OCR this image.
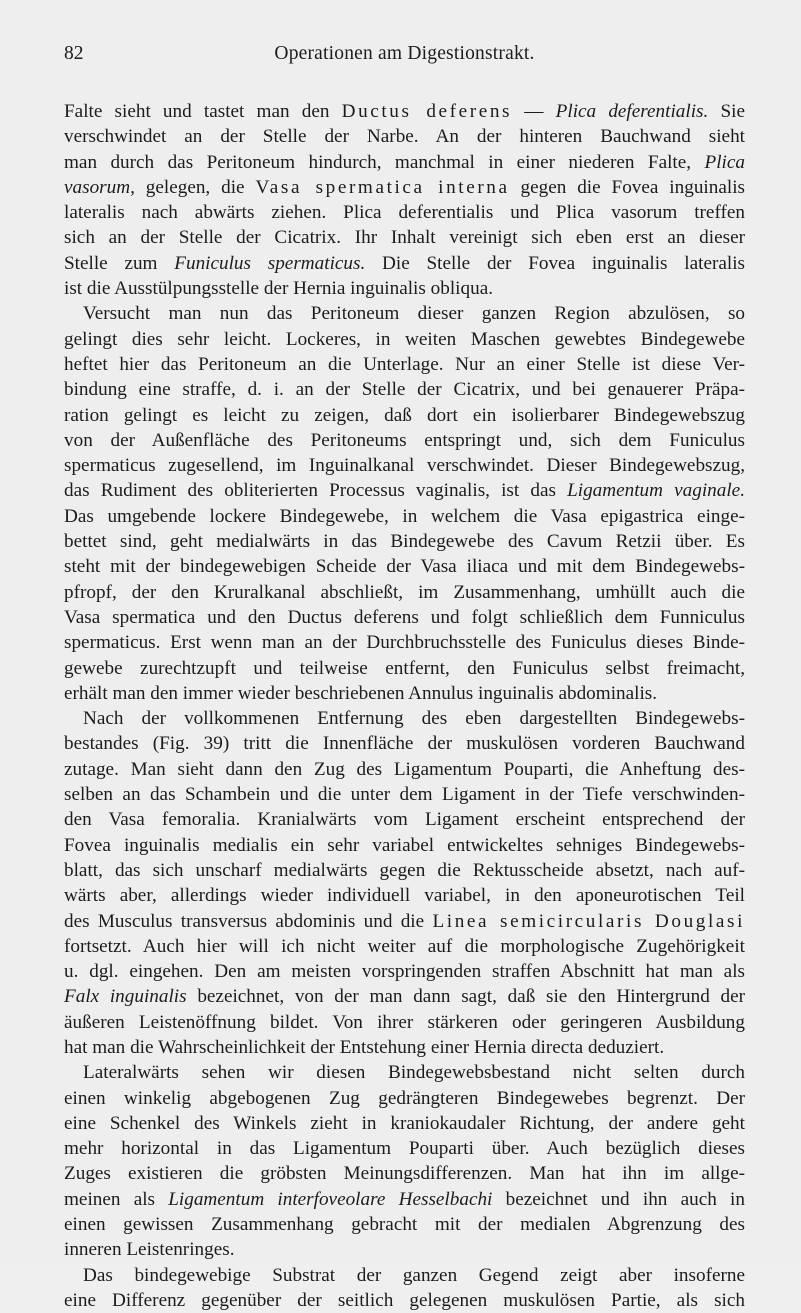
82	Operationen am Digestionstrakt.
Falte sieht und tastet man den Ductus deferens — Plica deferentialis. Sie
verschwindet an der Stelle der Narbe. An der hinteren Bauchwand sieht
man durch das Peritoneum hindurch, manchmal in einer niederen Falte, Plica
vasorum, gelegen, die Vasa spermatica interna gegen die Fovea inguinalis
lateralis nach abwärts ziehen. Plica deferentialis und Plica vasorum treffen
sich an der Stelle der Cicatrix. Ihr Inhalt vereinigt sich eben erst an dieser
Stelle zum Funiculus spermaticus. Die Stelle der Fovea inguinalis lateralis
ist die Ausstülpungsstelle der Hernia inguinalis obliqua.
Versucht man nun das Peritoneum dieser ganzen Region abzulösen, so
gelingt dies sehr leicht. Lockeres, in weiten Maschen gewebtes Bindegewebe
heftet hier das Peritoneum an die Unterlage. Nur an einer Stelle ist diese Ver-
bindung eine straffe, d. i. an der Stelle der Cicatrix, und bei genauerer Präpa-
ration gelingt es leicht zu zeigen, daß dort ein isolierbarer Bindegewebszug
von der Außenfläche des Peritoneums entspringt und, sich dem Funiculus
spermaticus zugesellend, im Inguinalkanal verschwindet. Dieser Bindegewebszug,
das Rudiment des obliterierten Processus vaginalis, ist das Ligamentum vaginale.
Das umgebende lockere Bindegewebe, in welchem die Vasa epigastrica einge-
bettet sind, geht medialwärts in das Bindegewebe des Cavum Retzii über. Es
steht mit der bindegewebigen Scheide der Vasa iliaca und mit dem Bindegewebs-
pfropf, der den Kruralkanal abschließt, im Zusammenhang, umhüllt auch die
Vasa spermatica und den Ductus deferens und folgt schließlich dem Funniculus
spermaticus. Erst wenn man an der Durchbruchsstelle des Funiculus dieses Binde-
gewebe zurechtzupft und teilweise entfernt, den Funiculus selbst freimacht,
erhält man den immer wieder beschriebenen Annulus inguinalis abdominalis.
Nach der vollkommenen Entfernung des eben dargestellten Bindegewebs-
bestandes (Fig. 39) tritt die Innenfläche der muskulösen vorderen Bauchwand
zutage. Man sieht dann den Zug des Ligamentum Pouparti, die Anheftung des-
selben an das Schambein und die unter dem Ligament in der Tiefe verschwinden-
den Vasa femoralia. Kranialwärts vom Ligament erscheint entsprechend der
Fovea inguinalis medialis ein sehr variabel entwickeltes sehniges Bindegewebs-
blatt, das sich unscharf medialwärts gegen die Rektusscheide absetzt, nach auf-
wärts aber, allerdings wieder individuell variabel, in den aponeurotischen Teil
des Musculus transversus abdominis und die Linea semicircularis Douglasi
fortsetzt. Auch hier will ich nicht weiter auf die morphologische Zugehörigkeit
u. dgl. eingehen. Den am meisten vorspringenden straffen Abschnitt hat man als
Falx inguinalis bezeichnet, von der man dann sagt, daß sie den Hintergrund der
äußeren Leistenöffnung bildet. Von ihrer stärkeren oder geringeren Ausbildung
hat man die Wahrscheinlichkeit der Entstehung einer Hernia directa deduziert.
Lateralwärts sehen wir diesen Bindegewebsbestand nicht selten durch
einen winkelig abgebogenen Zug gedrängteren Bindegewebes begrenzt. Der
eine Schenkel des Winkels zieht in kraniokaudaler Richtung, der andere geht
mehr horizontal in das Ligamentum Pouparti über. Auch bezüglich dieses
Zuges existieren die gröbsten Meinungsdifferenzen. Man hat ihn im allge-
meinen als Ligamentum interfoveolare Hesselbachi bezeichnet und ihn auch in
einen gewissen Zusammenhang gebracht mit der medialen Abgrenzung des
inneren Leistenringes.
Das bindegewebige Substrat der ganzen Gegend zeigt aber insoferne
eine Differenz gegenüber der seitlich gelegenen muskulösen Partie, als sich
